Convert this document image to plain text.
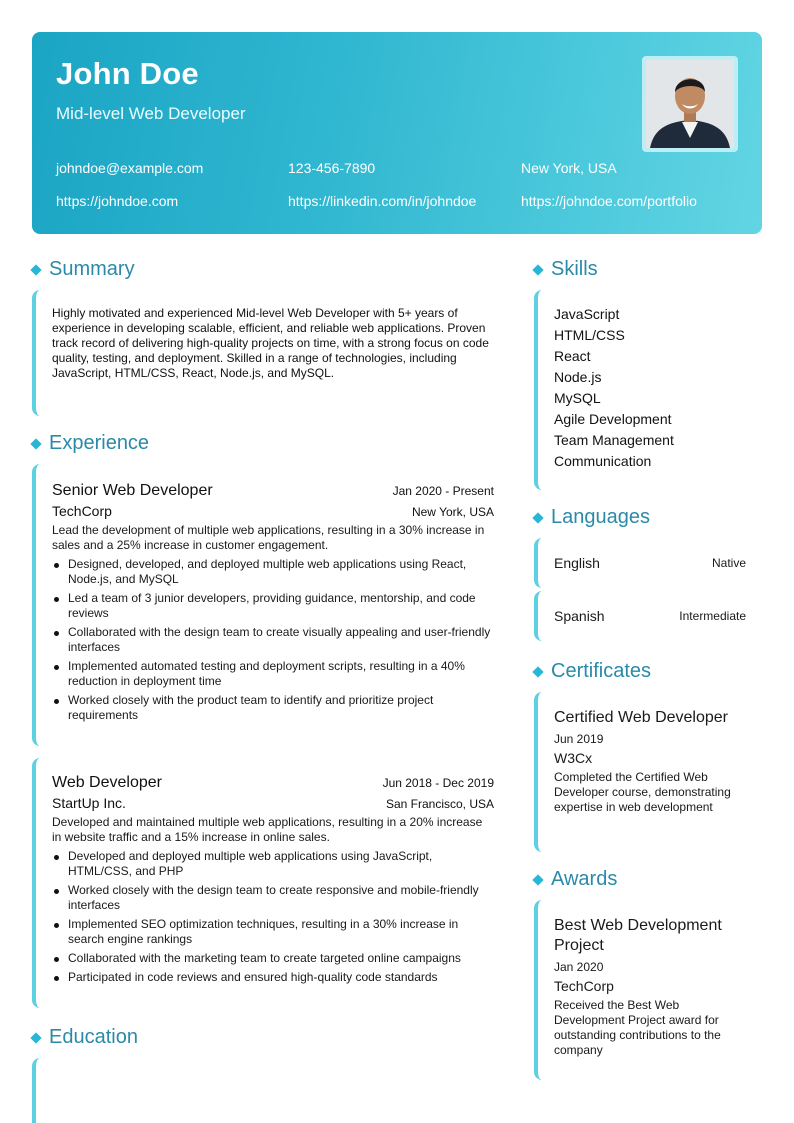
John Doe
Mid-level Web Developer
johndoe@example.com	123-456-7890	New York, USA
https://johndoe.com	https://linkedin.com/in/johndoe	https://johndoe.com/portfolio
Summary
Highly motivated and experienced Mid-level Web Developer with 5+ years of experience in developing scalable, efficient, and reliable web applications. Proven track record of delivering high-quality projects on time, with a strong focus on code quality, testing, and deployment. Skilled in a range of technologies, including JavaScript, HTML/CSS, React, Node.js, and MySQL.
Experience
Senior Web Developer	Jan 2020 - Present
TechCorp	New York, USA
Lead the development of multiple web applications, resulting in a 30% increase in sales and a 25% increase in customer engagement.
Designed, developed, and deployed multiple web applications using React, Node.js, and MySQL
Led a team of 3 junior developers, providing guidance, mentorship, and code reviews
Collaborated with the design team to create visually appealing and user-friendly interfaces
Implemented automated testing and deployment scripts, resulting in a 40% reduction in deployment time
Worked closely with the product team to identify and prioritize project requirements
Web Developer	Jun 2018 - Dec 2019
StartUp Inc.	San Francisco, USA
Developed and maintained multiple web applications, resulting in a 20% increase in website traffic and a 15% increase in online sales.
Developed and deployed multiple web applications using JavaScript, HTML/CSS, and PHP
Worked closely with the design team to create responsive and mobile-friendly interfaces
Implemented SEO optimization techniques, resulting in a 30% increase in search engine rankings
Collaborated with the marketing team to create targeted online campaigns
Participated in code reviews and ensured high-quality code standards
Education
Skills
JavaScript
HTML/CSS
React
Node.js
MySQL
Agile Development
Team Management
Communication
Languages
English	Native
Spanish	Intermediate
Certificates
Certified Web Developer
Jun 2019
W3Cx
Completed the Certified Web Developer course, demonstrating expertise in web development
Awards
Best Web Development Project
Jan 2020
TechCorp
Received the Best Web Development Project award for outstanding contributions to the company
